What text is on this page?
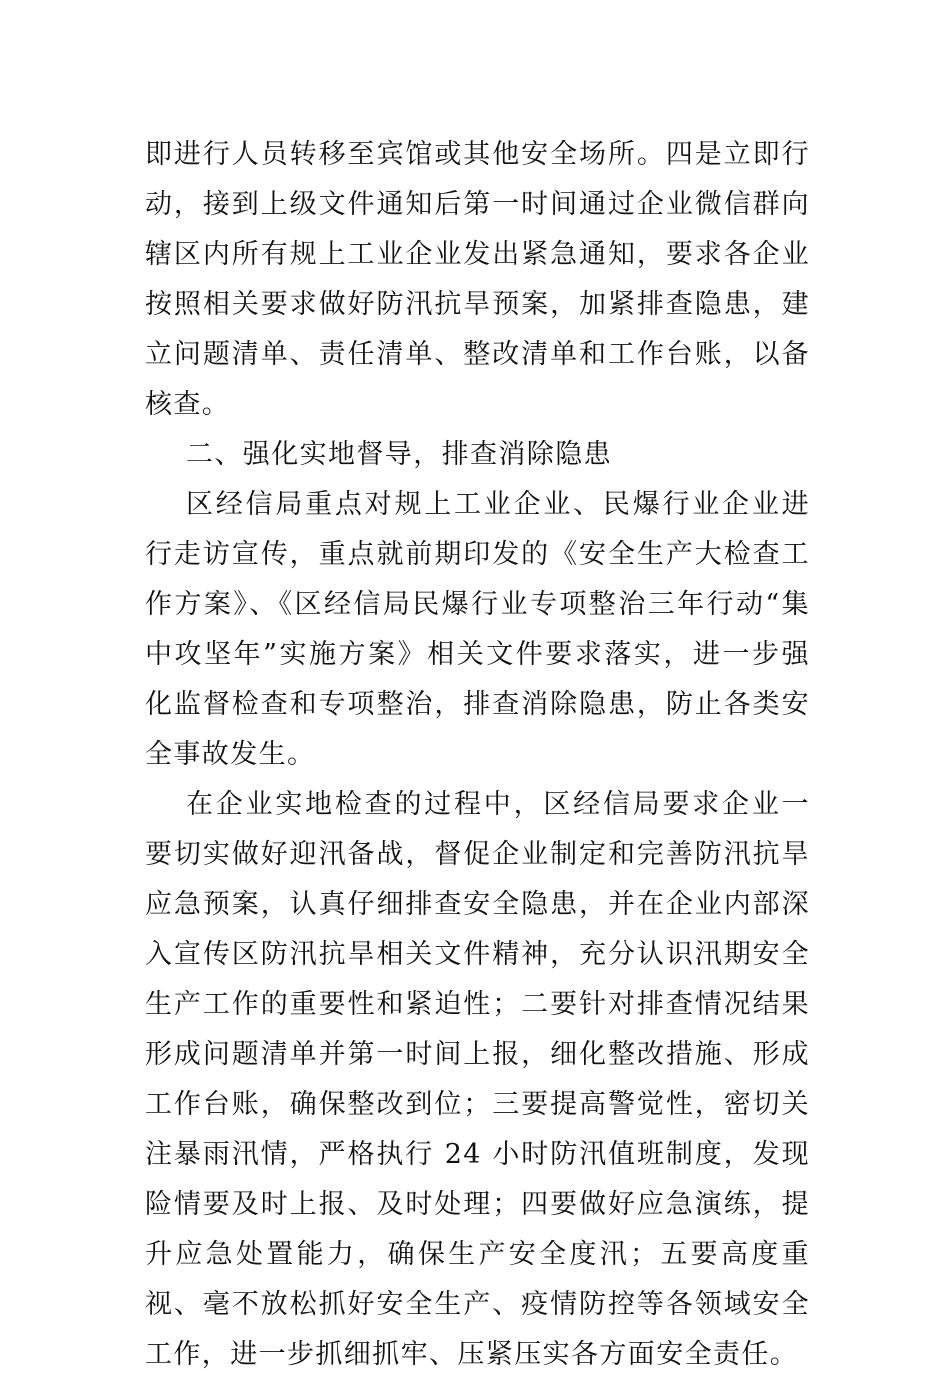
即进行人员转移至宾馆或其他安全场所。四是立即行动，接到上级文件通知后第一时间通过企业微信群向辖区内所有规上工业企业发出紧急通知，要求各企业按照相关要求做好防汛抗旱预案，加紧排查隐患，建立问题清单、责任清单、整改清单和工作台账，以备核查。

二、强化实地督导，排查消除隐患

区经信局重点对规上工业企业、民爆行业企业进行走访宣传，重点就前期印发的《安全生产大检查工作方案》、《区经信局民爆行业专项整治三年行动“集中攻坚年”实施方案》相关文件要求落实，进一步强化监督检查和专项整治，排查消除隐患，防止各类安全事故发生。

在企业实地检查的过程中，区经信局要求企业一要切实做好迎汛备战，督促企业制定和完善防汛抗旱应急预案，认真仔细排查安全隐患，并在企业内部深入宣传区防汛抗旱相关文件精神，充分认识汛期安全生产工作的重要性和紧迫性；二要针对排查情况结果形成问题清单并第一时间上报，细化整改措施、形成工作台账，确保整改到位；三要提高警觉性，密切关注暴雨汛情，严格执行 24 小时防汛值班制度，发现险情要及时上报、及时处理；四要做好应急演练，提升应急处置能力，确保生产安全度汛；五要高度重视、毫不放松抓好安全生产、疫情防控等各领域安全工作，进一步抓细抓牢、压紧压实各方面安全责任。
